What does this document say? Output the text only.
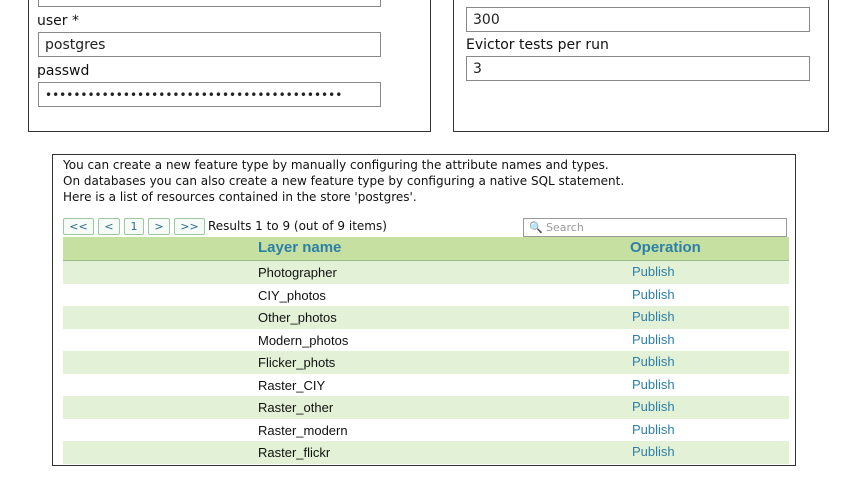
user *
postgres
passwd
••••••••••••••••••••••••••••••••••••••••••
300
Evictor tests per run
3
You can create a new feature type by manually configuring the attribute names and types.
On databases you can also create a new feature type by configuring a native SQL statement.
Here is a list of resources contained in the store 'postgres'.
<<	<	1	>	>> Results 1 to 9 (out of 9 items)	🔍
Search
Layer name	Operation
Photographer	Publish
CIY_photos	Publish
Other_photos	Publish
Modern_photos	Publish
Flicker_phots	Publish
Raster_CIY	Publish
Raster_other	Publish
Raster_modern	Publish
Raster_flickr	Publish
